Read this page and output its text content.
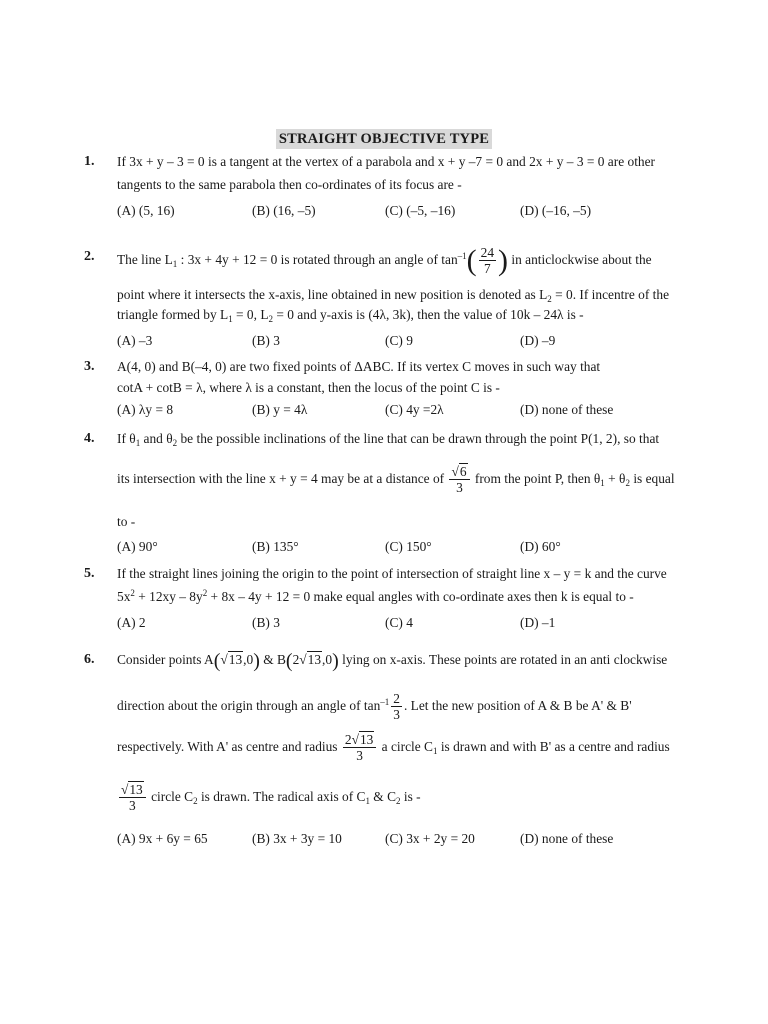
STRAIGHT OBJECTIVE TYPE
1. If 3x + y – 3 = 0 is a tangent at the vertex of a parabola and x + y –7 = 0 and 2x + y – 3 = 0 are other
tangents to the same parabola then co-ordinates of its focus are -
(A) (5, 16)	(B) (16, –5)	(C) (–5, –16)	(D) (–16, –5)
2. The line $L_1$ : 3x + 4y + 12 = 0 is rotated through an angle of $\tan^{-1}( \frac{24}{7}$ ) in anticlockwise about the
point where it intersects the x-axis, line obtained in new position is denoted as $L_2 = 0$. If incentre of the
triangle formed by $L_1 = 0$, $L_2 = 0$ and y-axis is (4λ, 3k), then the value of 10k – 24λ is -
(A) –3	(B) 3	(C) 9	(D) –9
3. A(4, 0) and B(–4, 0) are two fixed points of ΔABC. If its vertex C moves in such way that
cotA + cotB = λ, where λ is a constant, then the locus of the point C is -
(A) λy = 8	(B) y = 4λ	(C) 4y =2λ	(D) none of these
4. If $\theta_1$ and $\theta_2$ be the possible inclinations of the line that can be drawn through the point P(1, 2), so that
its intersection with the line x + y = 4 may be at a distance of $\frac{√6}{3}$ from the point P, then $\theta_1 + \theta_2$ is equal
to -
(A) 90°	(B) 135°	(C) 150°	(D) 60°
5. If the straight lines joining the origin to the point of intersection of straight line x – y = k and the curve
$5x^2 + 12xy - 8y^2 + 8x - 4y + 12 = 0$ make equal angles with co-ordinate axes then k is equal to -
(A) 2	(B) 3	(C) 4	(D) –1
6. Consider points A(√13,0) & B(2√13,0) lying on x-axis. These points are rotated in an anti clockwise
direction about the origin through an angle of $\tan^{-1} \frac{2}{3}$ . Let the new position of A & B be A' & B'
respectively. With A' as centre and radius $\frac{2√13}{3}$ a circle $C_1$ is drawn and with B' as a centre and radius
$\frac{√13}{3}$ circle $C_2$ is drawn. The radical axis of $C_1$ & $C_2$ is -
(A) 9x + 6y = 65	(B) 3x + 3y = 10	(C) 3x + 2y = 20	(D) none of these
